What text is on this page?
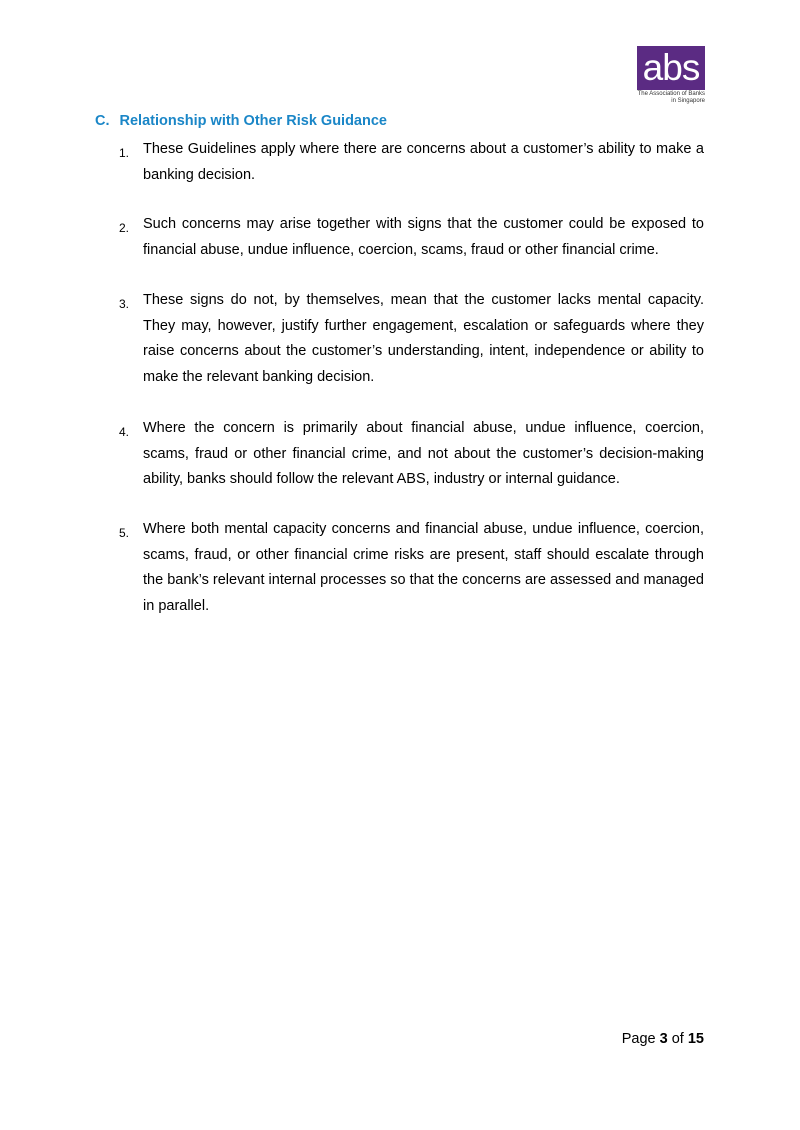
abs
The Association of Banks
in Singapore
C. Relationship with Other Risk Guidance
1. These Guidelines apply where there are concerns about a customer’s ability to make a banking decision.
2. Such concerns may arise together with signs that the customer could be exposed to financial abuse, undue influence, coercion, scams, fraud or other financial crime.
3. These signs do not, by themselves, mean that the customer lacks mental capacity. They may, however, justify further engagement, escalation or safeguards where they raise concerns about the customer’s understanding, intent, independence or ability to make the relevant banking decision.
4. Where the concern is primarily about financial abuse, undue influence, coercion, scams, fraud or other financial crime, and not about the customer’s decision-making ability, banks should follow the relevant ABS, industry or internal guidance.
5. Where both mental capacity concerns and financial abuse, undue influence, coercion, scams, fraud, or other financial crime risks are present, staff should escalate through the bank’s relevant internal processes so that the concerns are assessed and managed in parallel.
Page 3 of 15
